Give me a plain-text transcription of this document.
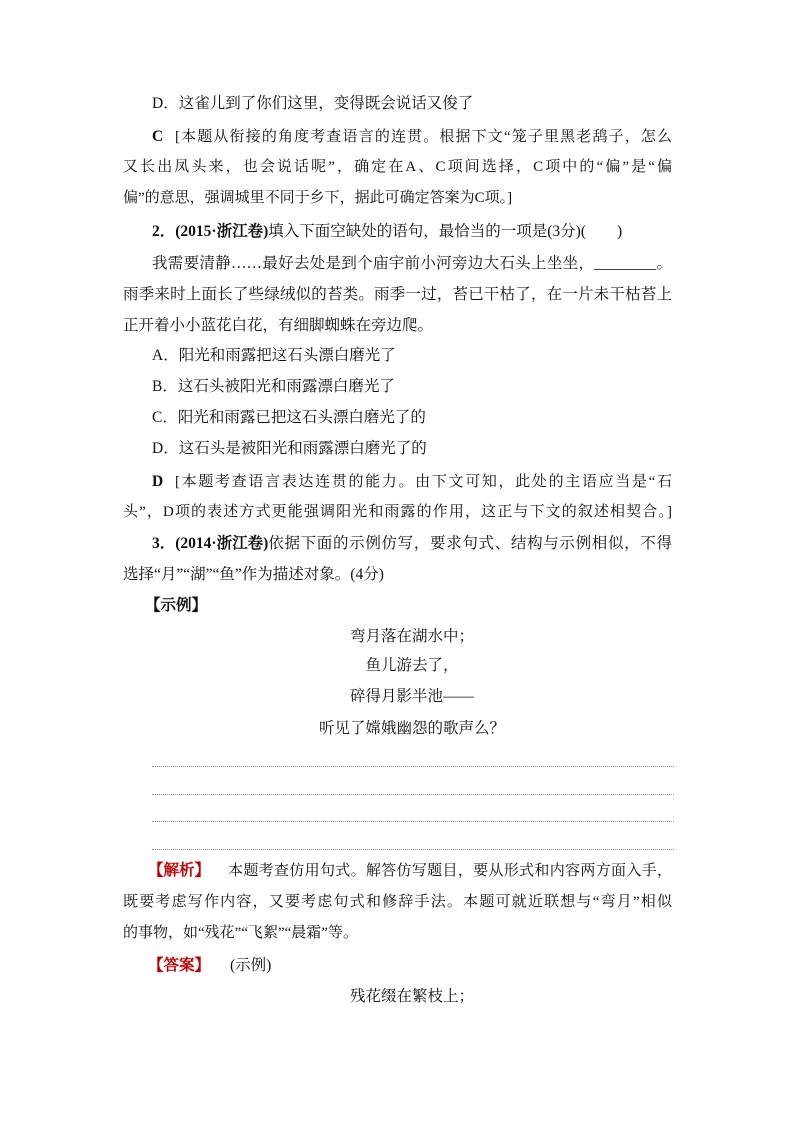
D．这雀儿到了你们这里，变得既会说话又俊了
C [本题从衔接的角度考查语言的连贯。根据下文“笼子里黑老鸹子，怎么
又长出凤头来，也会说话呢”，确定在A、C项间选择，C项中的“偏”是“偏
偏”的意思，强调城里不同于乡下，据此可确定答案为C项。]
2．(2015·浙江卷)填入下面空缺处的语句，最恰当的一项是(3分)(　　)
我需要清静……最好去处是到个庙宇前小河旁边大石头上坐坐，________。
雨季来时上面长了些绿绒似的苔类。雨季一过，苔已干枯了，在一片未干枯苔上
正开着小小蓝花白花，有细脚蜘蛛在旁边爬。
A．阳光和雨露把这石头漂白磨光了
B．这石头被阳光和雨露漂白磨光了
C．阳光和雨露已把这石头漂白磨光了的
D．这石头是被阳光和雨露漂白磨光了的
D [本题考查语言表达连贯的能力。由下文可知，此处的主语应当是“石
头”，D项的表述方式更能强调阳光和雨露的作用，这正与下文的叙述相契合。]
3． (2014·浙江卷) 依据下面的示例仿写，要求句式、结构与示例相似，不得
选择“月”“湖”“鱼”作为描述对象。(4分)
【示例】
弯月落在湖水中；
鱼儿游去了，
碎得月影半池——
听见了嫦娥幽怨的歌声么？
【解析】 本题考查仿用句式。解答仿写题目，要从形式和内容两方面入手，
既要考虑写作内容，又要考虑句式和修辞手法。本题可就近联想与“弯月”相似
的事物，如“残花”“飞絮”“晨霜”等。
【答案】 (示例)
残花缀在繁枝上；
